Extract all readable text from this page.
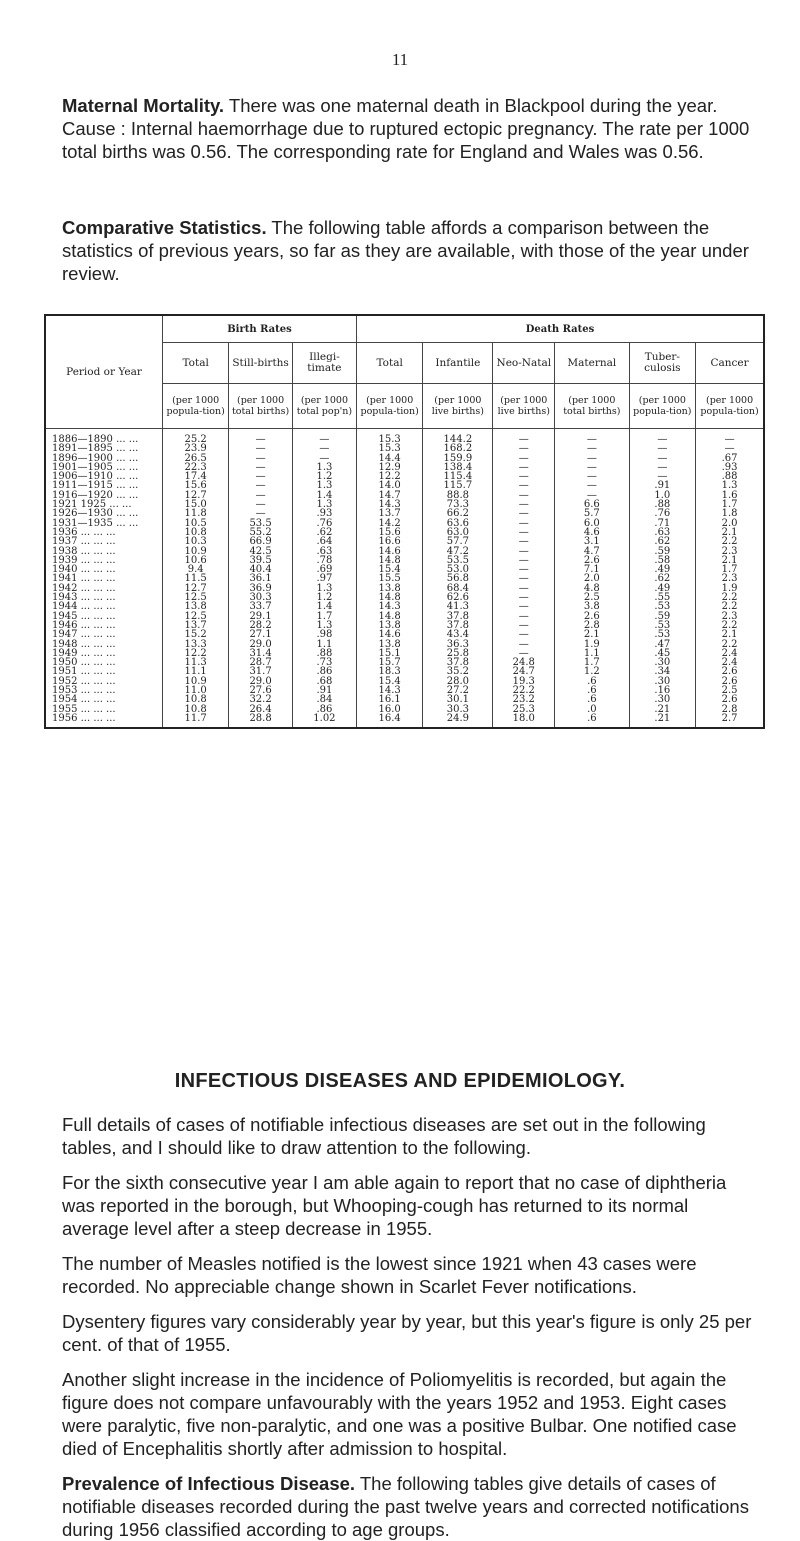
11
Maternal Mortality. There was one maternal death in Blackpool during the year. Cause : Internal haemorrhage due to ruptured ectopic pregnancy. The rate per 1000 total births was 0.56. The corresponding rate for England and Wales was 0.56.
Comparative Statistics. The following table affords a comparison between the statistics of previous years, so far as they are available, with those of the year under review.
Period or Year	Birth Rates			Death Rates					
	Total	Still-births	Illegi-timate	Total	Infantile	Neo-Natal	Maternal	Tuber-culosis	Cancer
	(per 1000 popula-tion)	(per 1000 total births)	(per 1000 total pop'n)	(per 1000 popula-tion)	(per 1000 live births)	(per 1000 live births)	(per 1000 total births)	(per 1000 popula-tion)	(per 1000 popula-tion)
1886—1890 ... ...	25.2	—	—	15.3	144.2	—	—	—	—
1891—1895 ... ...	23.9	—	—	15.3	168.2	—	—	—	—
1896—1900 ... ...	26.5	—	—	14.4	159.9	—	—	—	.67
1901—1905 ... ...	22.3	—	1.3	12.9	138.4	—	—	—	.93
1906—1910 ... ...	17.4	—	1.2	12.2	115.4	—	—	—	.88
1911—1915 ... ...	15.6	—	1.3	14.0	115.7	—	—	.91	1.3
1916—1920 ... ...	12.7	—	1.4	14.7	88.8	—	—	1.0	1.6
1921 1925 ... ...	15.0	—	1.3	14.3	73.3	—	6.6	.88	1.7
1926—1930 ... ...	11.8	—	.93	13.7	66.2	—	5.7	.76	1.8
1931—1935 ... ...	10.5	53.5	.76	14.2	63.6	—	6.0	.71	2.0
1936 ... ... ...	10.8	55.2	.62	15.6	63.0	—	4.6	.63	2.1
1937 ... ... ...	10.3	66.9	.64	16.6	57.7	—	3.1	.62	2.2
1938 ... ... ...	10.9	42.5	.63	14.6	47.2	—	4.7	.59	2.3
1939 ... ... ...	10.6	39.5	.78	14.8	53.5	—	2.6	.58	2.1
1940 ... ... ...	9.4	40.4	.69	15.4	53.0	—	7.1	.49	1.7
1941 ... ... ...	11.5	36.1	.97	15.5	56.8	—	2.0	.62	2.3
1942 ... ... ...	12.7	36.9	1.3	13.8	68.4	—	4.8	.49	1.9
1943 ... ... ...	12.5	30.3	1.2	14.8	62.6	—	2.5	.55	2.2
1944 ... ... ...	13.8	33.7	1.4	14.3	41.3	—	3.8	.53	2.2
1945 ... ... ...	12.5	29.1	1.7	14.8	37.8	—	2.6	.59	2.3
1946 ... ... ...	13.7	28.2	1.3	13.8	37.8	—	2.8	.53	2.2
1947 ... ... ...	15.2	27.1	.98	14.6	43.4	—	2.1	.53	2.1
1948 ... ... ...	13.3	29.0	1.1	13.8	36.3	—	1.9	.47	2.2
1949 ... ... ...	12.2	31.4	.88	15.1	25.8	—	1.1	.45	2.4
1950 ... ... ...	11.3	28.7	.73	15.7	37.8	24.8	1.7	.30	2.4
1951 ... ... ...	11.1	31.7	.86	18.3	35.2	24.7	1.2	.34	2.6
1952 ... ... ...	10.9	29.0	.68	15.4	28.0	19.3	.6	.30	2.6
1953 ... ... ...	11.0	27.6	.91	14.3	27.2	22.2	.6	.16	2.5
1954 ... ... ...	10.8	32.2	.84	16.1	30.1	23.2	.6	.30	2.6
1955 ... ... ...	10.8	26.4	.86	16.0	30.3	25.3	.0	.21	2.8
1956 ... ... ...	11.7	28.8	1.02	16.4	24.9	18.0	.6	.21	2.7
INFECTIOUS DISEASES AND EPIDEMIOLOGY.
Full details of cases of notifiable infectious diseases are set out in the following tables, and I should like to draw attention to the following.
For the sixth consecutive year I am able again to report that no case of diphtheria was reported in the borough, but Whooping-cough has returned to its normal average level after a steep decrease in 1955.
The number of Measles notified is the lowest since 1921 when 43 cases were recorded. No appreciable change shown in Scarlet Fever notifications.
Dysentery figures vary considerably year by year, but this year's figure is only 25 per cent. of that of 1955.
Another slight increase in the incidence of Poliomyelitis is recorded, but again the figure does not compare unfavourably with the years 1952 and 1953. Eight cases were paralytic, five non-paralytic, and one was a positive Bulbar. One notified case died of Encephalitis shortly after admission to hospital.
Prevalence of Infectious Disease. The following tables give details of cases of notifiable diseases recorded during the past twelve years and corrected notifications during 1956 classified according to age groups.
